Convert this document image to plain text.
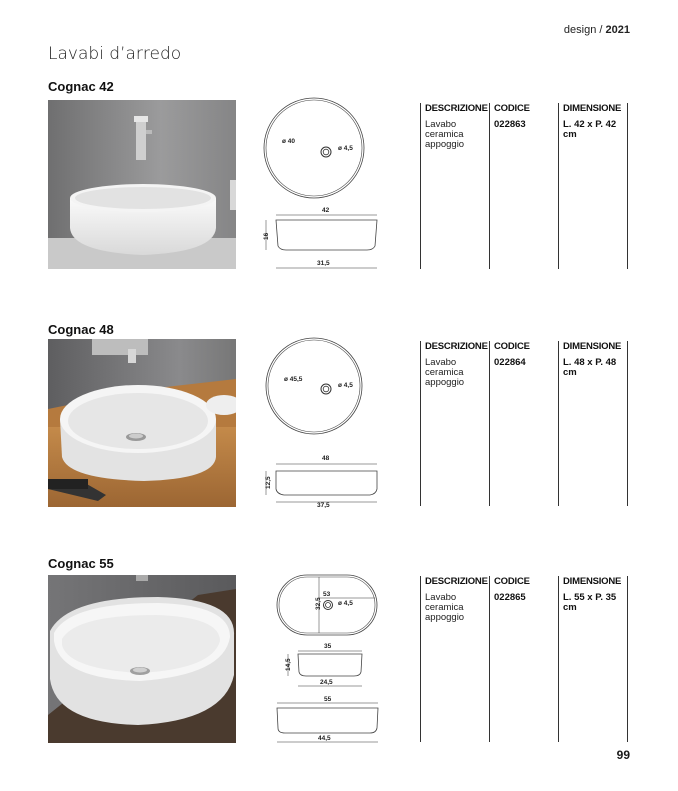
design / 2021
Lavabi d’arredo
Cognac 42
ø 40
ø 4,5
42
16
31,5
DESCRIZIONE
Lavabo ceramica appoggio
CODICE
022863
DIMENSIONE
L. 42 x P. 42 cm
Cognac 48
ø 45,5
ø 4,5
48
12,5
37,5
DESCRIZIONE
Lavabo ceramica appoggio
CODICE
022864
DIMENSIONE
L. 48 x P. 48 cm
Cognac 55
53
32,5 ø 4,5
35
14,5
24,5
55
44,5
DESCRIZIONE
Lavabo ceramica appoggio
CODICE
022865
DIMENSIONE
L. 55 x P. 35 cm
99
